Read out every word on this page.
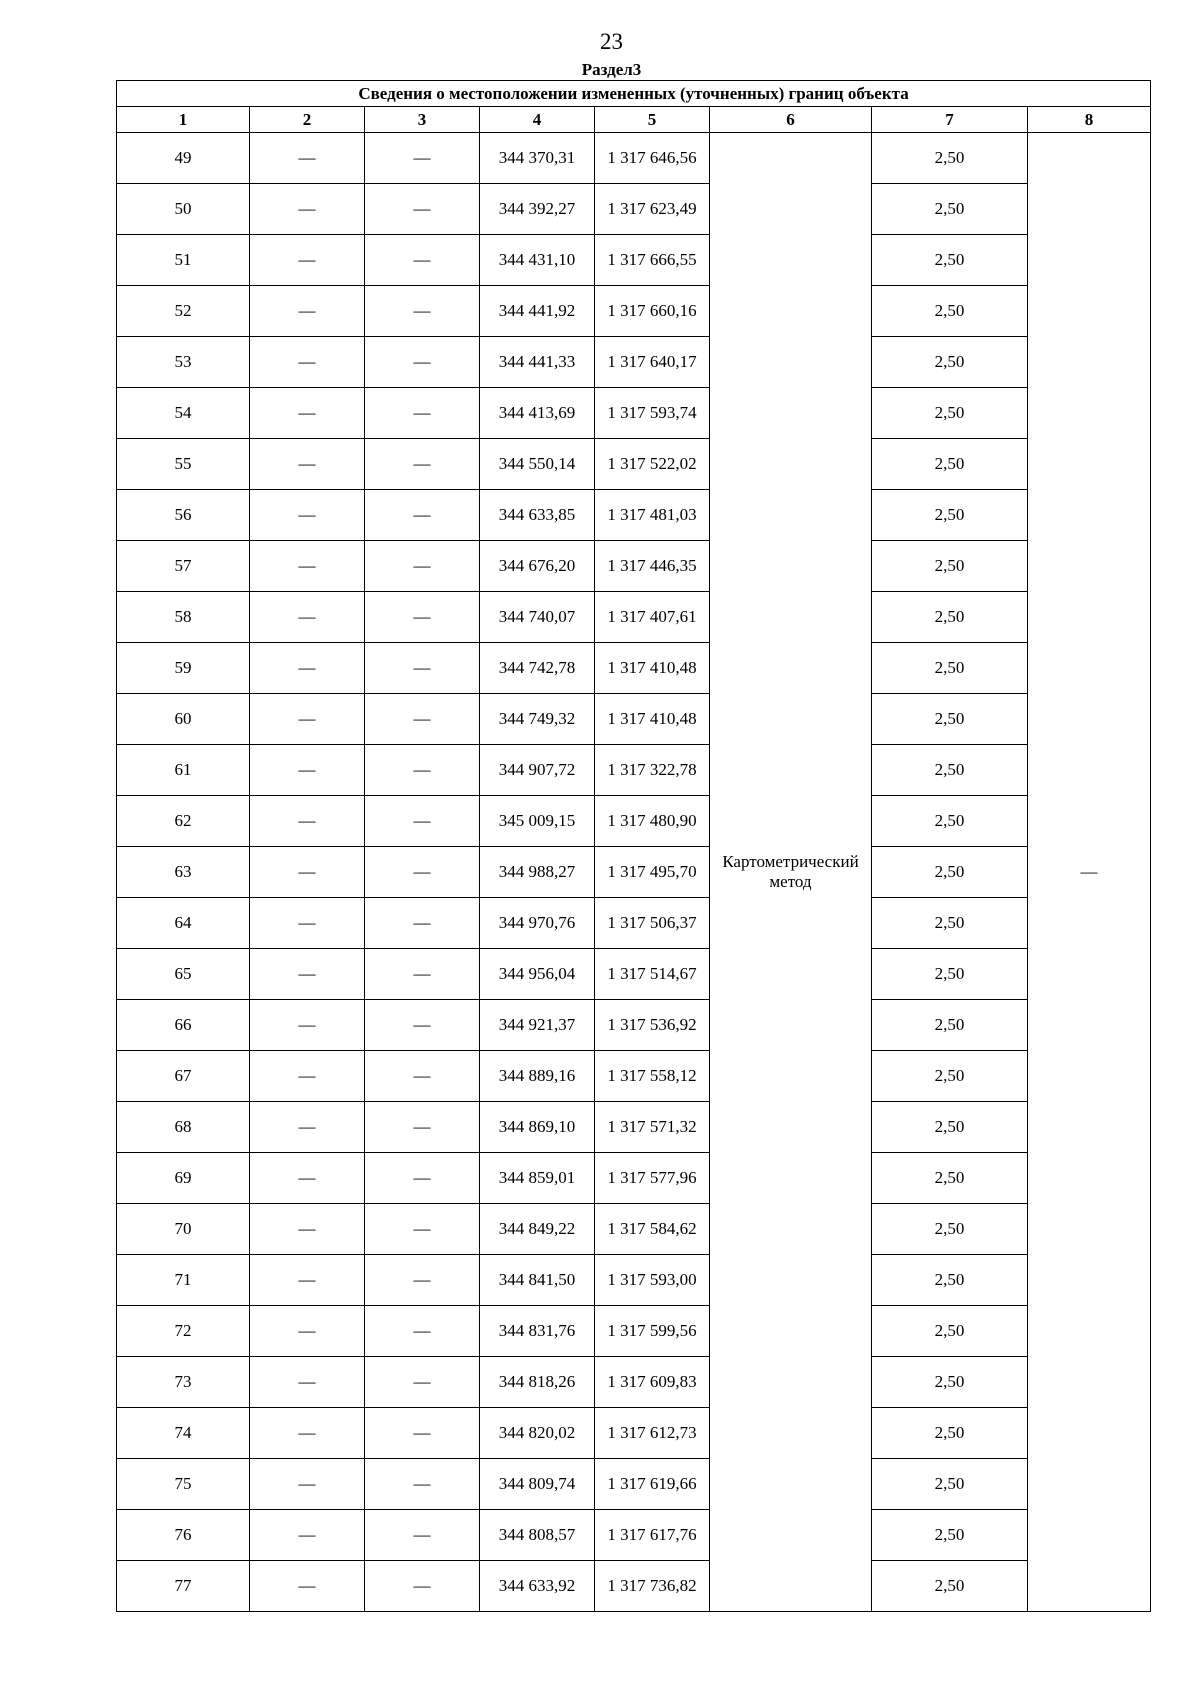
23
Раздел3
Сведения о местоположении измененных (уточненных) границ объекта							
1	2	3	4	5	6	7	8
49	—	—	344 370,31	1 317 646,56	Картометрический метод	2,50	—
50	—	—	344 392,27	1 317 623,49		2,50	
51	—	—	344 431,10	1 317 666,55		2,50	
52	—	—	344 441,92	1 317 660,16		2,50	
53	—	—	344 441,33	1 317 640,17		2,50	
54	—	—	344 413,69	1 317 593,74		2,50	
55	—	—	344 550,14	1 317 522,02		2,50	
56	—	—	344 633,85	1 317 481,03		2,50	
57	—	—	344 676,20	1 317 446,35		2,50	
58	—	—	344 740,07	1 317 407,61		2,50	
59	—	—	344 742,78	1 317 410,48		2,50	
60	—	—	344 749,32	1 317 410,48		2,50	
61	—	—	344 907,72	1 317 322,78		2,50	
62	—	—	345 009,15	1 317 480,90		2,50	
63	—	—	344 988,27	1 317 495,70		2,50	
64	—	—	344 970,76	1 317 506,37		2,50	
65	—	—	344 956,04	1 317 514,67		2,50	
66	—	—	344 921,37	1 317 536,92		2,50	
67	—	—	344 889,16	1 317 558,12		2,50	
68	—	—	344 869,10	1 317 571,32		2,50	
69	—	—	344 859,01	1 317 577,96		2,50	
70	—	—	344 849,22	1 317 584,62		2,50	
71	—	—	344 841,50	1 317 593,00		2,50	
72	—	—	344 831,76	1 317 599,56		2,50	
73	—	—	344 818,26	1 317 609,83		2,50	
74	—	—	344 820,02	1 317 612,73		2,50	
75	—	—	344 809,74	1 317 619,66		2,50	
76	—	—	344 808,57	1 317 617,76		2,50	
77	—	—	344 633,92	1 317 736,82		2,50	
